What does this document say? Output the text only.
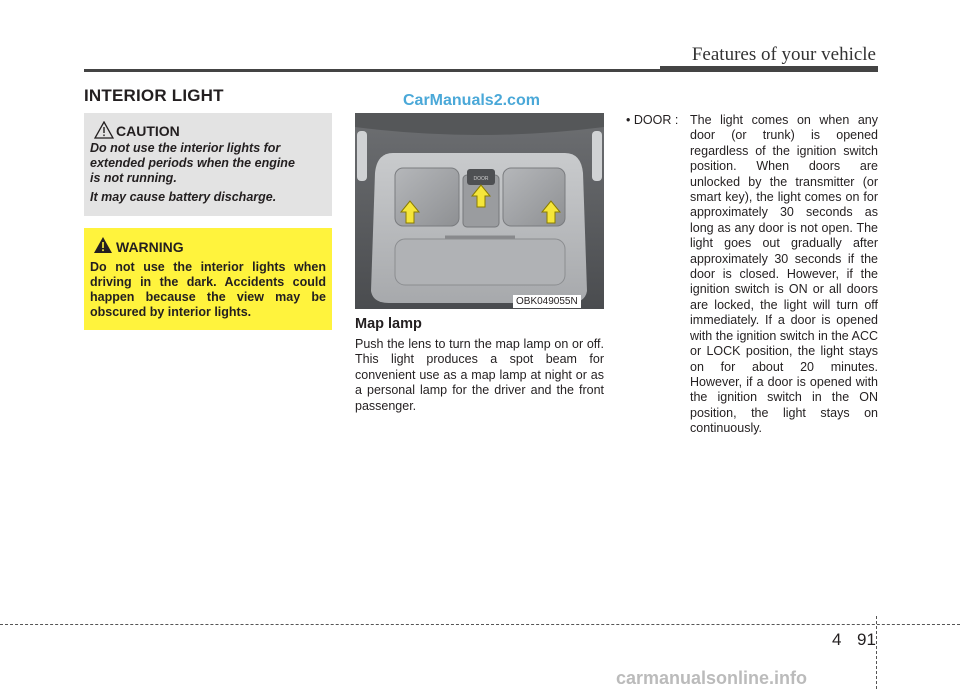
Features of your vehicle
INTERIOR LIGHT	CarManuals2.com
CAUTION
Do not use the interior lights for
extended periods when the engine
is not running.
It may cause battery discharge.
WARNING
Do not use the interior lights when driving in the dark. Accidents could happen because the view may be obscured by interior lights.
DOOR
OBK049055N
Map lamp
Push the lens to turn the map lamp on or off. This light produces a spot beam for convenient use as a map lamp at night or as a personal lamp for the driver and the front passenger.
• DOOR : The light comes on when any door (or trunk) is opened regardless of the ignition switch position. When doors are unlocked by the transmitter (or smart key), the light comes on for approximately 30 seconds as long as any door is not open. The light goes out gradually after approximately 30 seconds if the door is closed. However, if the ignition switch is ON or all doors are locked, the light will turn off immediately. If a door is opened with the ignition switch in the ACC or LOCK position, the light stays on for about 20 minutes. However, if a door is opened with the ignition switch in the ON position, the light stays on continuously.
4 91
carmanualsonline.info
